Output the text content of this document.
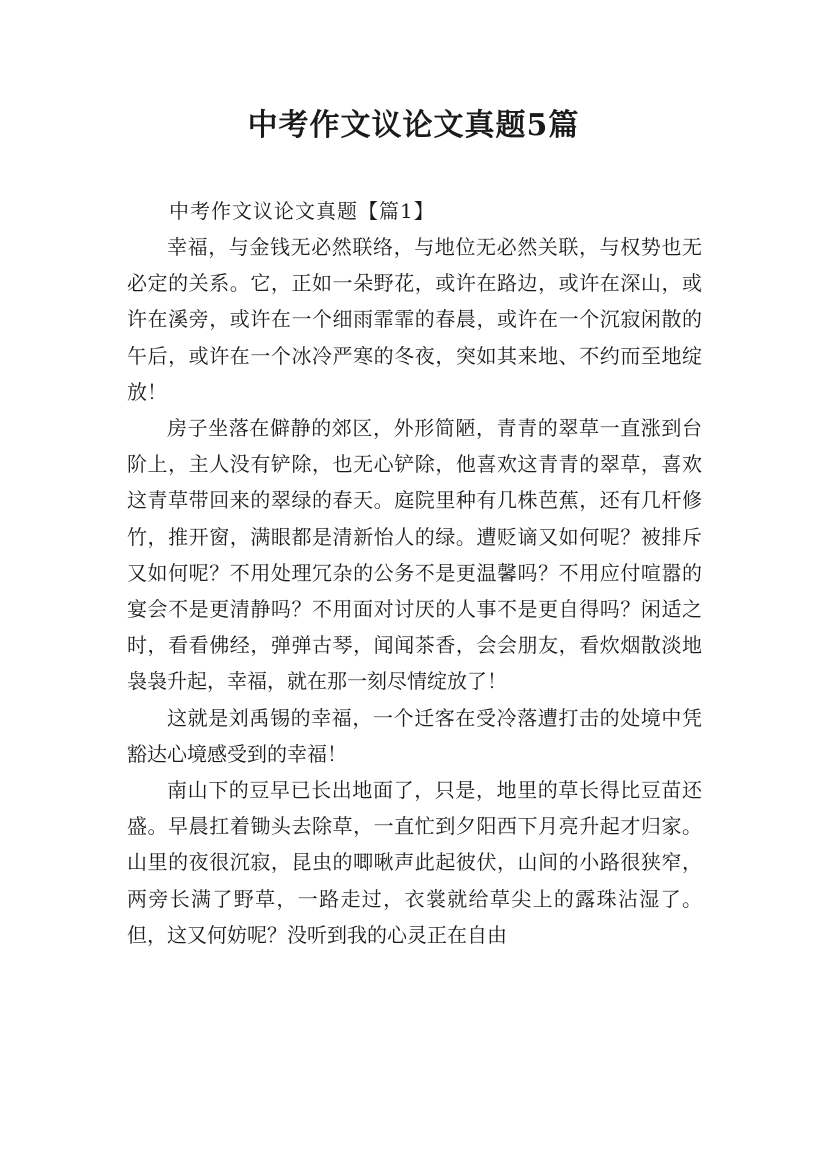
中考作文议论文真题5篇
中考作文议论文真题【篇1】

幸福，与金钱无必然联络，与地位无必然关联，与权势也无必定的关系。它，正如一朵野花，或许在路边，或许在深山，或许在溪旁，或许在一个细雨霏霏的春晨，或许在一个沉寂闲散的午后，或许在一个冰冷严寒的冬夜，突如其来地、不约而至地绽放！

房子坐落在僻静的郊区，外形简陋，青青的翠草一直涨到台阶上，主人没有铲除，也无心铲除，他喜欢这青青的翠草，喜欢这青草带回来的翠绿的春天。庭院里种有几株芭蕉，还有几杆修竹，推开窗，满眼都是清新怡人的绿。遭贬谪又如何呢？被排斥又如何呢？不用处理冗杂的公务不是更温馨吗？不用应付喧嚣的宴会不是更清静吗？不用面对讨厌的人事不是更自得吗？闲适之时，看看佛经，弹弹古琴，闻闻茶香，会会朋友，看炊烟散淡地袅袅升起，幸福，就在那一刻尽情绽放了！

这就是刘禹锡的幸福，一个迁客在受冷落遭打击的处境中凭豁达心境感受到的幸福！

南山下的豆早已长出地面了，只是，地里的草长得比豆苗还盛。早晨扛着锄头去除草，一直忙到夕阳西下月亮升起才归家。山里的夜很沉寂，昆虫的唧啾声此起彼伏，山间的小路很狭窄，两旁长满了野草，一路走过，衣裳就给草尖上的露珠沾湿了。但，这又何妨呢？没听到我的心灵正在自由
